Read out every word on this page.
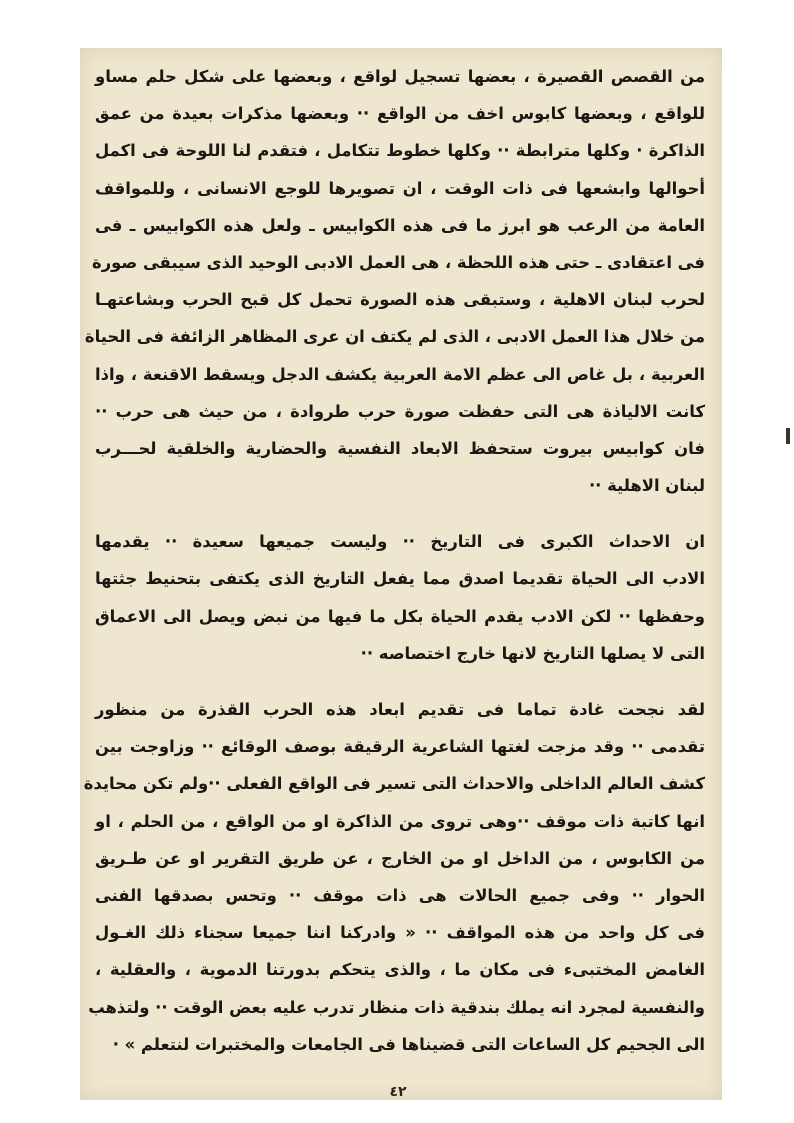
من القصص القصيرة ، بعضها تسجيل لواقع ، وبعضها على شكل حلم مساو
للواقع ، وبعضها كابوس اخف من الواقع ·· وبعضها مذكرات بعيدة من عمق
الذاكرة · وكلها مترابطة ·· وكلها خطوط تتكامل ، فتقدم لنا اللوحة فى اكمل
أحوالها وابشعها فى ذات الوقت ، ان تصويرها للوجع الانسانى ، وللمواقف
العامة من الرعب هو ابرز ما فى هذه الكوابيس ـ ولعل هذه الكوابيس ـ فى
فى اعتقادى ـ حتى هذه اللحظة ، هى العمل الادبى الوحيد الذى سيبقى صورة
لحرب لبنان الاهلية ، وستبقى هذه الصورة تحمل كل قبح الحرب وبشاعتهـا
من خلال هذا العمل الادبى ، الذى لم يكتف ان عرى المظاهر الزائفة فى الحياة
العربية ، بل غاص الى عظم الامة العربية يكشف الدجل ويسقط الاقنعة ، واذا
كانت الالياذة هى التى حفظت صورة حرب طروادة ، من حيث هى حرب ··
فان كوابيس بيروت ستحفظ الابعاد النفسية والحضارية والخلقية لحـــرب
لبنان الاهلية ··
ان الاحداث الكبرى فى التاريخ ·· وليست جميعها سعيدة ·· يقدمها
الادب الى الحياة تقديما اصدق مما يفعل التاريخ الذى يكتفى بتحنيط جثتها
وحفظها ·· لكن الادب يقدم الحياة بكل ما فيها من نبض ويصل الى الاعماق
التى لا يصلها التاريخ لانها خارج اختصاصه ··
لقد نجحت غادة تماما فى تقديم ابعاد هذه الحرب القذرة من منظور
تقدمى ·· وقد مزجت لغتها الشاعرية الرقيقة بوصف الوقائع ·· وزاوجت بين
كشف العالم الداخلى والاحداث التى تسير فى الواقع الفعلى ··ولم تكن محايدة
انها كاتبة ذات موقف ··وهى تروى من الذاكرة او من الواقع ، من الحلم ، او
من الكابوس ، من الداخل او من الخارج ، عن طريق التقرير او عن طـريق
الحوار ·· وفى جميع الحالات هى ذات موقف ·· وتحس بصدقها الفنى
فى كل واحد من هذه المواقف ·· « وادركنا اننا جميعا سجناء ذلك الغـول
الغامض المختبىء فى مكان ما ، والذى يتحكم بدورتنا الدموية ، والعقلية ،
والنفسية لمجرد انه يملك بندقية ذات منظار تدرب عليه بعض الوقت ·· ولتذهب
الى الجحيم كل الساعات التى قضيناها فى الجامعات والمختبرات لنتعلم » ·
٤٢
